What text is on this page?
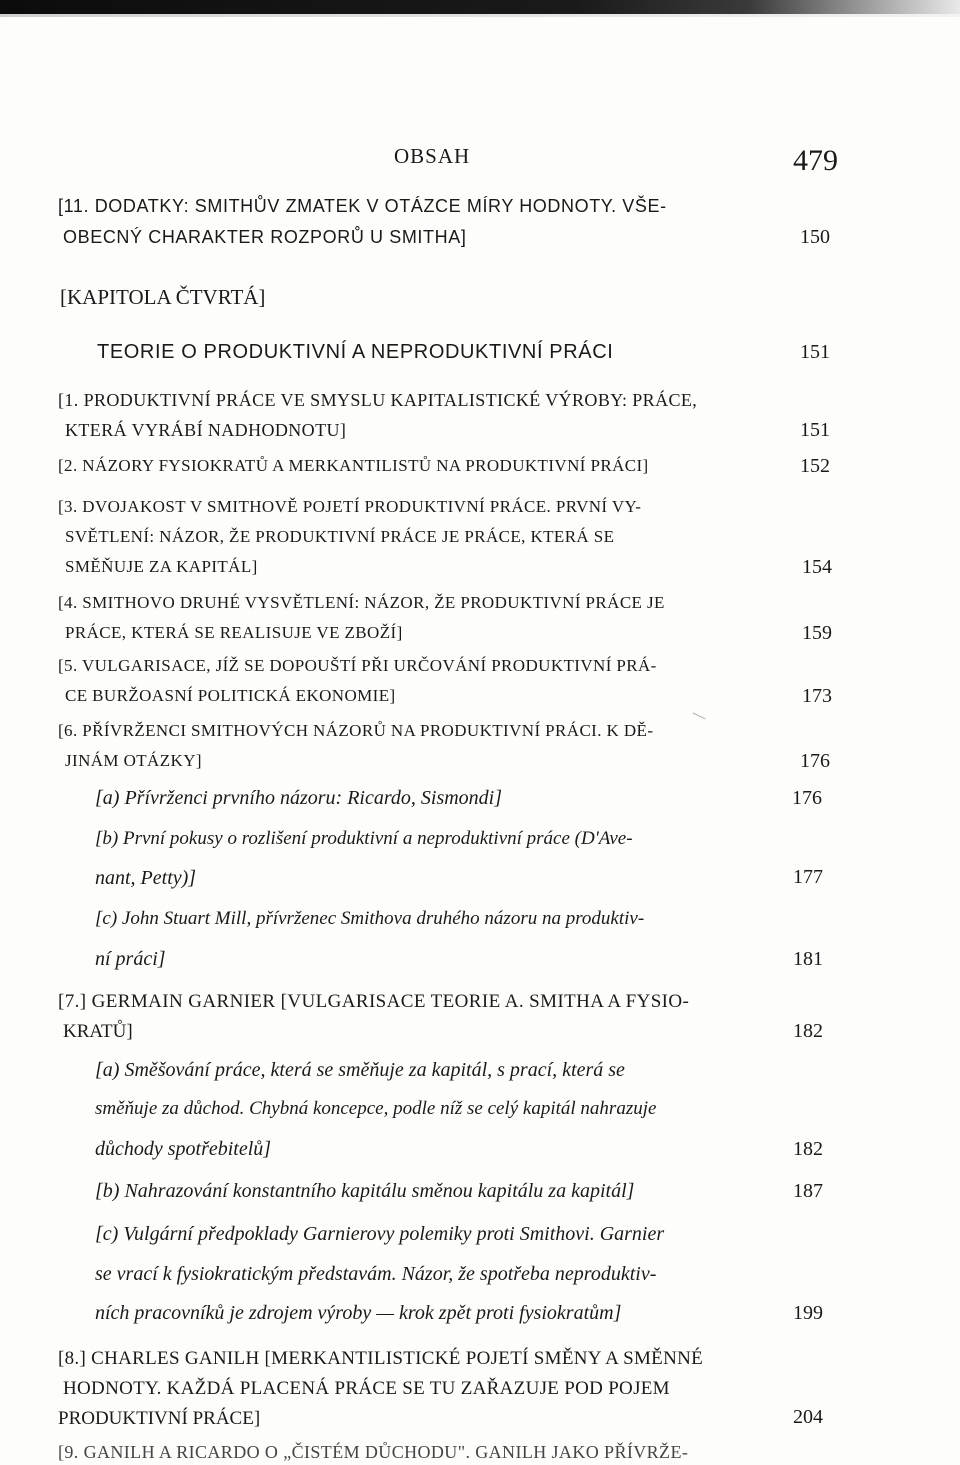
OBSAH	479
[11. DODATKY: SMITHŮV ZMATEK V OTÁZCE MÍRY HODNOTY. VŠE-
OBECNÝ CHARAKTER ROZPORŮ U SMITHA]	150
[KAPITOLA ČTVRTÁ]
TEORIE O PRODUKTIVNÍ A NEPRODUKTIVNÍ PRÁCI	151
[1. PRODUKTIVNÍ PRÁCE VE SMYSLU KAPITALISTICKÉ VÝROBY: PRÁCE,
KTERÁ VYRÁBÍ NADHODNOTU]	151
[2. NÁZORY FYSIOKRATŮ A MERKANTILISTŮ NA PRODUKTIVNÍ PRÁCI]	152
[3. DVOJAKOST V SMITHOVĚ POJETÍ PRODUKTIVNÍ PRÁCE. PRVNÍ VY-
SVĚTLENÍ: NÁZOR, ŽE PRODUKTIVNÍ PRÁCE JE PRÁCE, KTERÁ SE
SMĚŇUJE ZA KAPITÁL]	154
[4. SMITHOVO DRUHÉ VYSVĚTLENÍ: NÁZOR, ŽE PRODUKTIVNÍ PRÁCE JE
PRÁCE, KTERÁ SE REALISUJE VE ZBOŽÍ]	159
[5. VULGARISACE, JÍŽ SE DOPOUŠTÍ PŘI URČOVÁNÍ PRODUKTIVNÍ PRÁ-
CE BURŽOASNÍ POLITICKÁ EKONOMIE]	173
[6. PŘÍVRŽENCI SMITHOVÝCH NÁZORŮ NA PRODUKTIVNÍ PRÁCI. K DĚ-
JINÁM OTÁZKY]	176
[a) Přívrženci prvního názoru: Ricardo, Sismondi]	176
[b) První pokusy o rozlišení produktivní a neproduktivní práce (D'Ave-
nant, Petty)]	177
[c) John Stuart Mill, přívrženec Smithova druhého názoru na produktiv-
ní práci]	181
[7.] GERMAIN GARNIER [VULGARISACE TEORIE A. SMITHA A FYSIO-
KRATŮ]	182
[a) Směšování práce, která se směňuje za kapitál, s prací, která se
směňuje za důchod. Chybná koncepce, podle níž se celý kapitál nahrazuje
důchody spotřebitelů]	182
[b) Nahrazování konstantního kapitálu směnou kapitálu za kapitál]	187
[c) Vulgární předpoklady Garnierovy polemiky proti Smithovi. Garnier
se vrací k fysiokratickým představám. Názor, že spotřeba neproduktiv-
ních pracovníků je zdrojem výroby — krok zpět proti fysiokratům]	199
[8.] CHARLES GANILH [MERKANTILISTICKÉ POJETÍ SMĚNY A SMĚNNÉ
HODNOTY. KAŽDÁ PLACENÁ PRÁCE SE TU ZAŘAZUJE POD POJEM
PRODUKTIVNÍ PRÁCE]	204
[9. GANILH A RICARDO O „ČISTÉM DŮCHODU". GANILH JAKO PŘÍVRŽE-
